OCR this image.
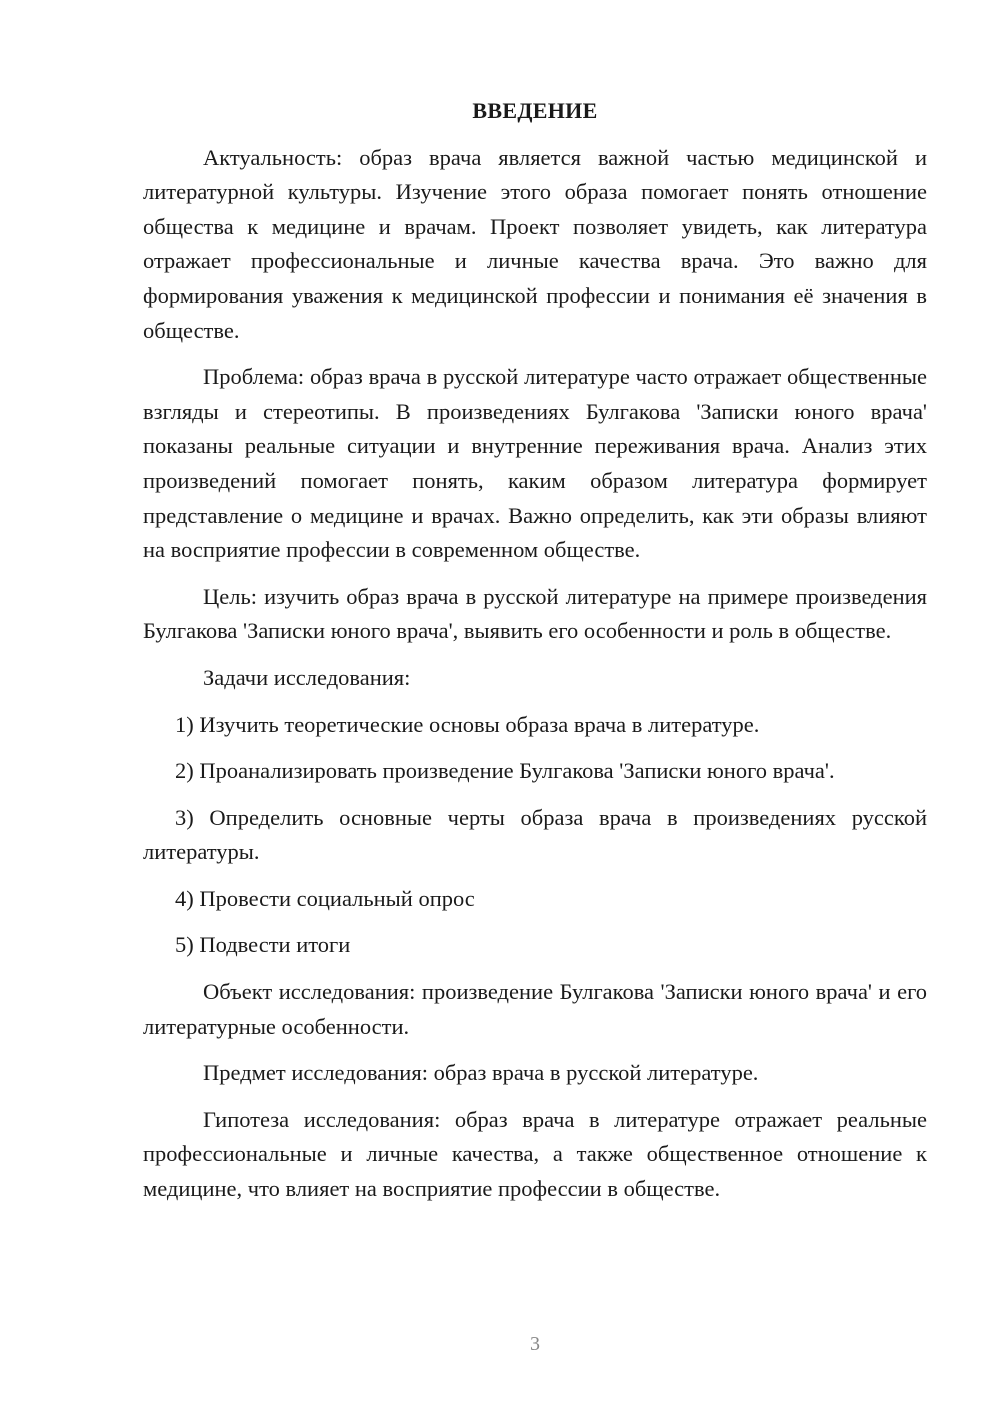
ВВЕДЕНИЕ

Актуальность: образ врача является важной частью медицинской и литературной культуры. Изучение этого образа помогает понять отношение общества к медицине и врачам. Проект позволяет увидеть, как литература отражает профессиональные и личные качества врача. Это важно для формирования уважения к медицинской профессии и понимания её значения в обществе.

Проблема: образ врача в русской литературе часто отражает общественные взгляды и стереотипы. В произведениях Булгакова 'Записки юного врача' показаны реальные ситуации и внутренние переживания врача. Анализ этих произведений помогает понять, каким образом литература формирует представление о медицине и врачах. Важно определить, как эти образы влияют на восприятие профессии в современном обществе.

Цель: изучить образ врача в русской литературе на примере произведения Булгакова 'Записки юного врача', выявить его особенности и роль в обществе.

Задачи исследования:

1) Изучить теоретические основы образа врача в литературе.

2) Проанализировать произведение Булгакова 'Записки юного врача'.

3) Определить основные черты образа врача в произведениях русской литературы.

4) Провести социальный опрос

5) Подвести итоги

Объект исследования: произведение Булгакова 'Записки юного врача' и его литературные особенности.

Предмет исследования: образ врача в русской литературе.

Гипотеза исследования: образ врача в литературе отражает реальные профессиональные и личные качества, а также общественное отношение к медицине, что влияет на восприятие профессии в обществе.

3
